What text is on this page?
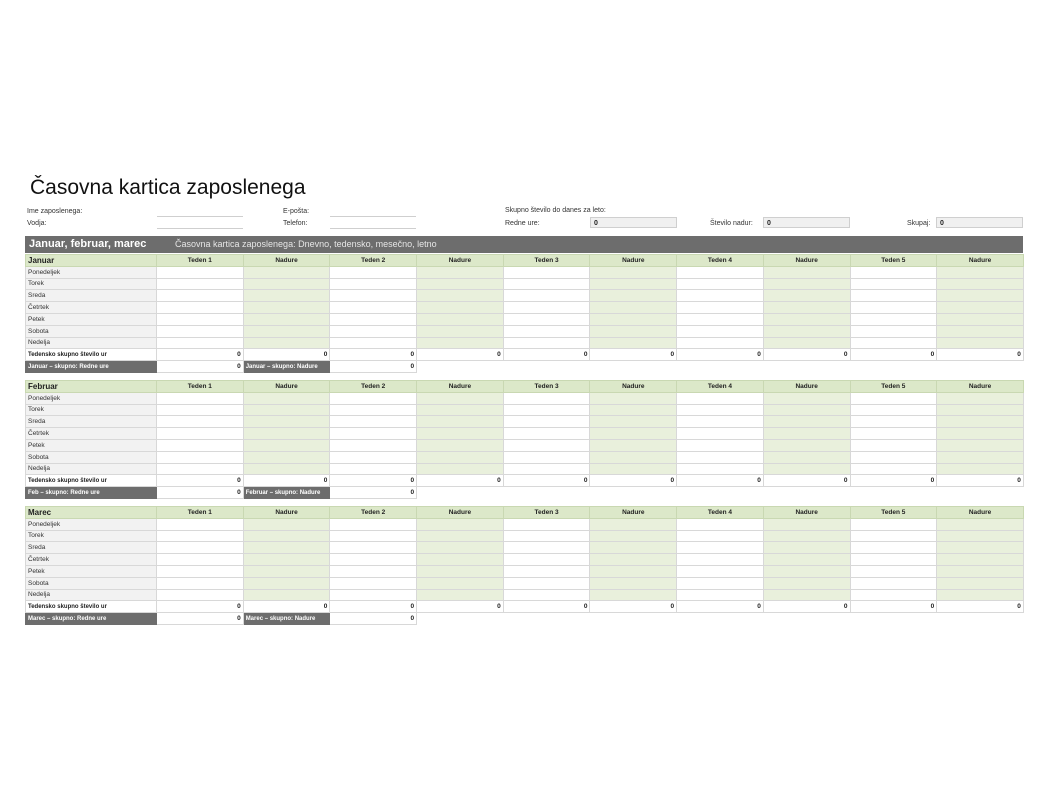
Časovna kartica zaposlenega
Ime zaposlenega:
Vodja:
E-pošta:
Telefon:
Skupno število do danes za leto:
Redne ure:	0	Število nadur:	0	Skupaj:	0
Januar, februar, marec	Časovna kartica zaposlenega: Dnevno, tedensko, mesečno, letno
Januar	Teden 1	Nadure	Teden 2	Nadure	Teden 3	Nadure	Teden 4	Nadure	Teden 5	Nadure
Ponedeljek										
Torek										
Sreda										
Četrtek										
Petek										
Sobota										
Nedelja										
Tedensko skupno število ur	0	0	0	0	0	0	0	0	0	0
Januar – skupno: Redne ure	0	Januar – skupno: Nadure	0							
Februar	Teden 1	Nadure	Teden 2	Nadure	Teden 3	Nadure	Teden 4	Nadure	Teden 5	Nadure
Ponedeljek										
Torek										
Sreda										
Četrtek										
Petek										
Sobota										
Nedelja										
Tedensko skupno število ur	0	0	0	0	0	0	0	0	0	0
Feb – skupno: Redne ure	0	Februar – skupno: Nadure	0							
Marec	Teden 1	Nadure	Teden 2	Nadure	Teden 3	Nadure	Teden 4	Nadure	Teden 5	Nadure
Ponedeljek										
Torek										
Sreda										
Četrtek										
Petek										
Sobota										
Nedelja										
Tedensko skupno število ur	0	0	0	0	0	0	0	0	0	0
Marec – skupno: Redne ure	0	Marec – skupno: Nadure	0							
